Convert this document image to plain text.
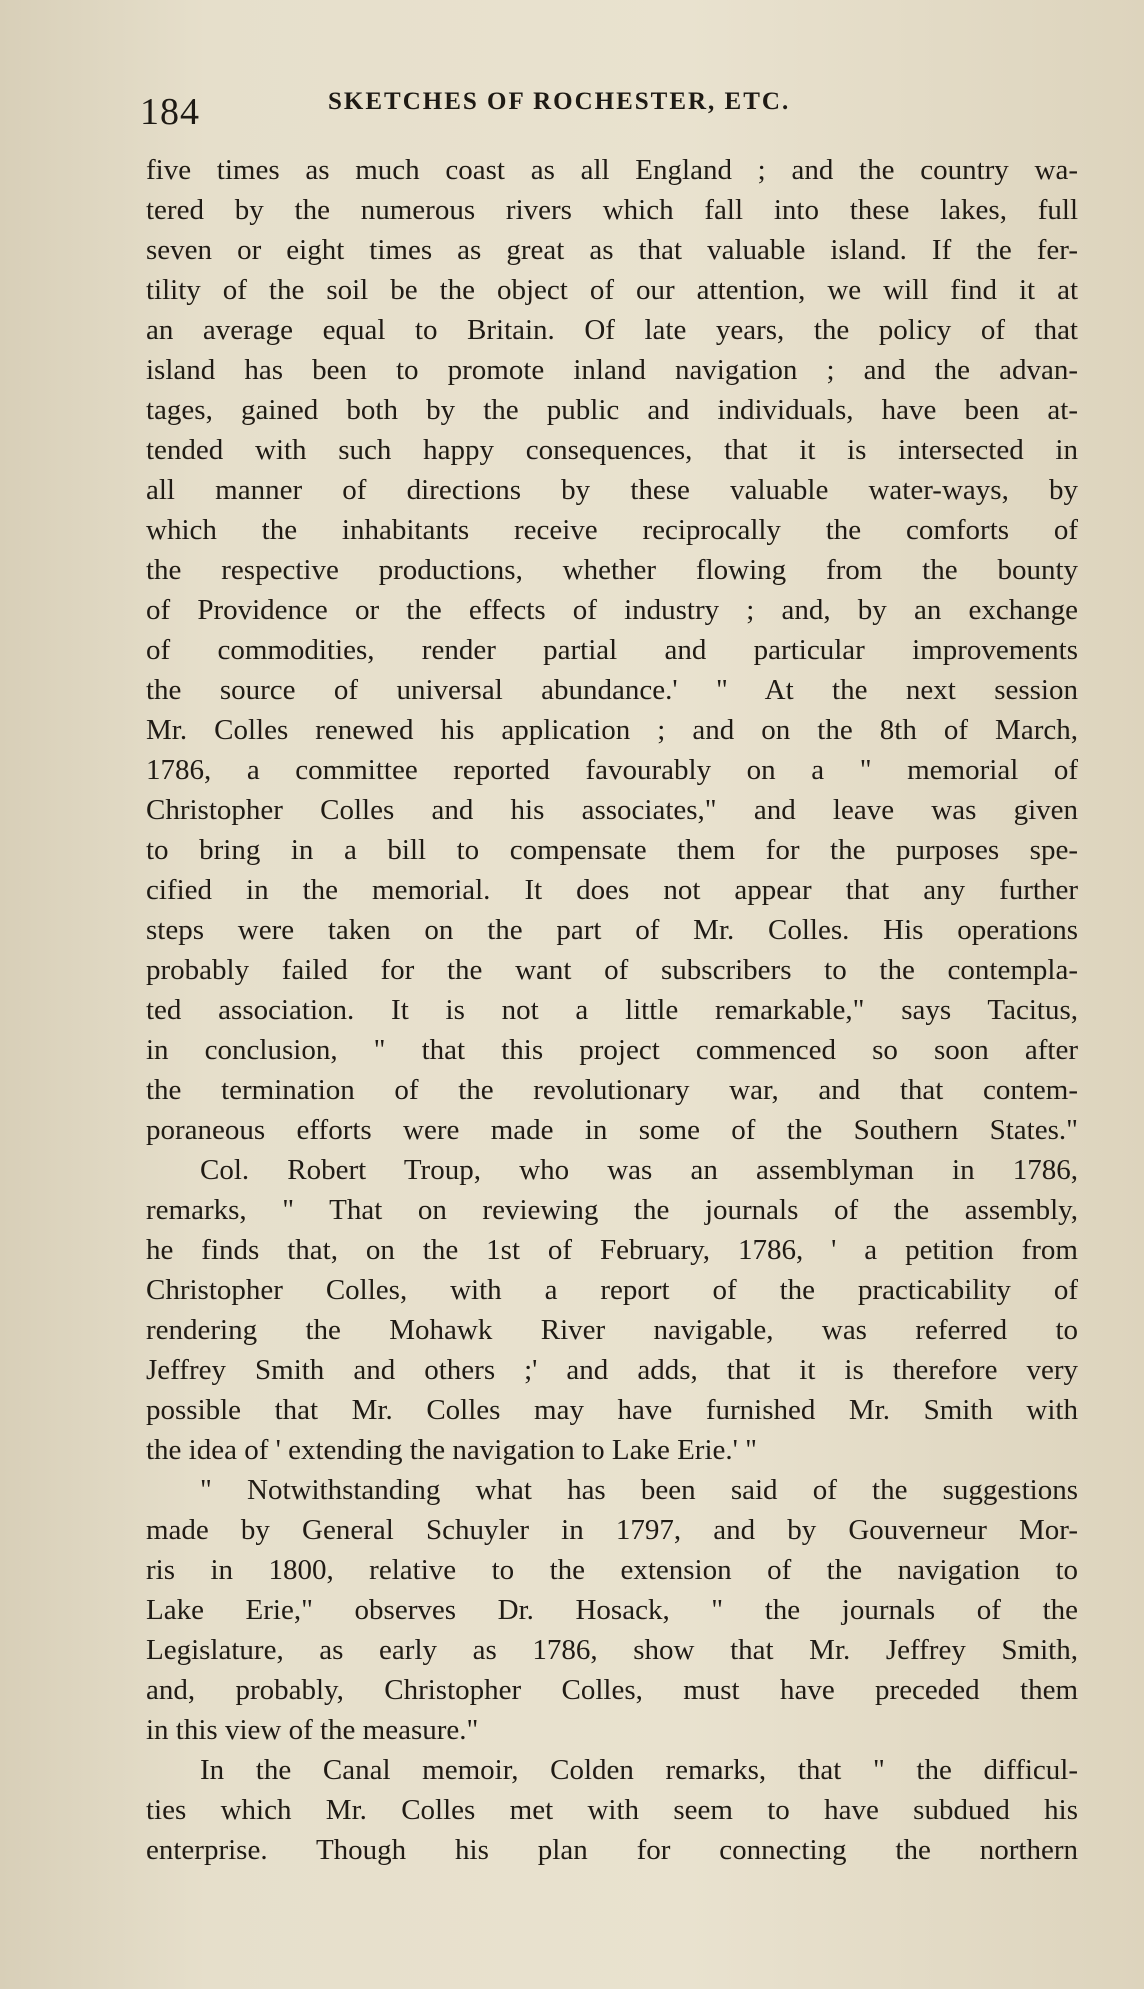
184	SKETCHES OF ROCHESTER, ETC.
five times as much coast as all England ; and the country wa-
tered by the numerous rivers which fall into these lakes, full
seven or eight times as great as that valuable island. If the fer-
tility of the soil be the object of our attention, we will find it at
an average equal to Britain. Of late years, the policy of that
island has been to promote inland navigation ; and the advan-
tages, gained both by the public and individuals, have been at-
tended with such happy consequences, that it is intersected in
all manner of directions by these valuable water-ways, by
which the inhabitants receive reciprocally the comforts of
the respective productions, whether flowing from the bounty
of Providence or the effects of industry ; and, by an exchange
of commodities, render partial and particular improvements
the source of universal abundance.' " At the next session
Mr. Colles renewed his application ; and on the 8th of March,
1786, a committee reported favourably on a " memorial of
Christopher Colles and his associates," and leave was given
to bring in a bill to compensate them for the purposes spe-
cified in the memorial. It does not appear that any further
steps were taken on the part of Mr. Colles. His operations
probably failed for the want of subscribers to the contempla-
ted association. It is not a little remarkable," says Tacitus,
in conclusion, " that this project commenced so soon after
the termination of the revolutionary war, and that contem-
poraneous efforts were made in some of the Southern States."
Col. Robert Troup, who was an assemblyman in 1786,
remarks, " That on reviewing the journals of the assembly,
he finds that, on the 1st of February, 1786, ' a petition from
Christopher Colles, with a report of the practicability of
rendering the Mohawk River navigable, was referred to
Jeffrey Smith and others ;' and adds, that it is therefore very
possible that Mr. Colles may have furnished Mr. Smith with
the idea of ' extending the navigation to Lake Erie.' "
" Notwithstanding what has been said of the suggestions
made by General Schuyler in 1797, and by Gouverneur Mor-
ris in 1800, relative to the extension of the navigation to
Lake Erie," observes Dr. Hosack, " the journals of the
Legislature, as early as 1786, show that Mr. Jeffrey Smith,
and, probably, Christopher Colles, must have preceded them
in this view of the measure."
In the Canal memoir, Colden remarks, that " the difficul-
ties which Mr. Colles met with seem to have subdued his
enterprise. Though his plan for connecting the northern
